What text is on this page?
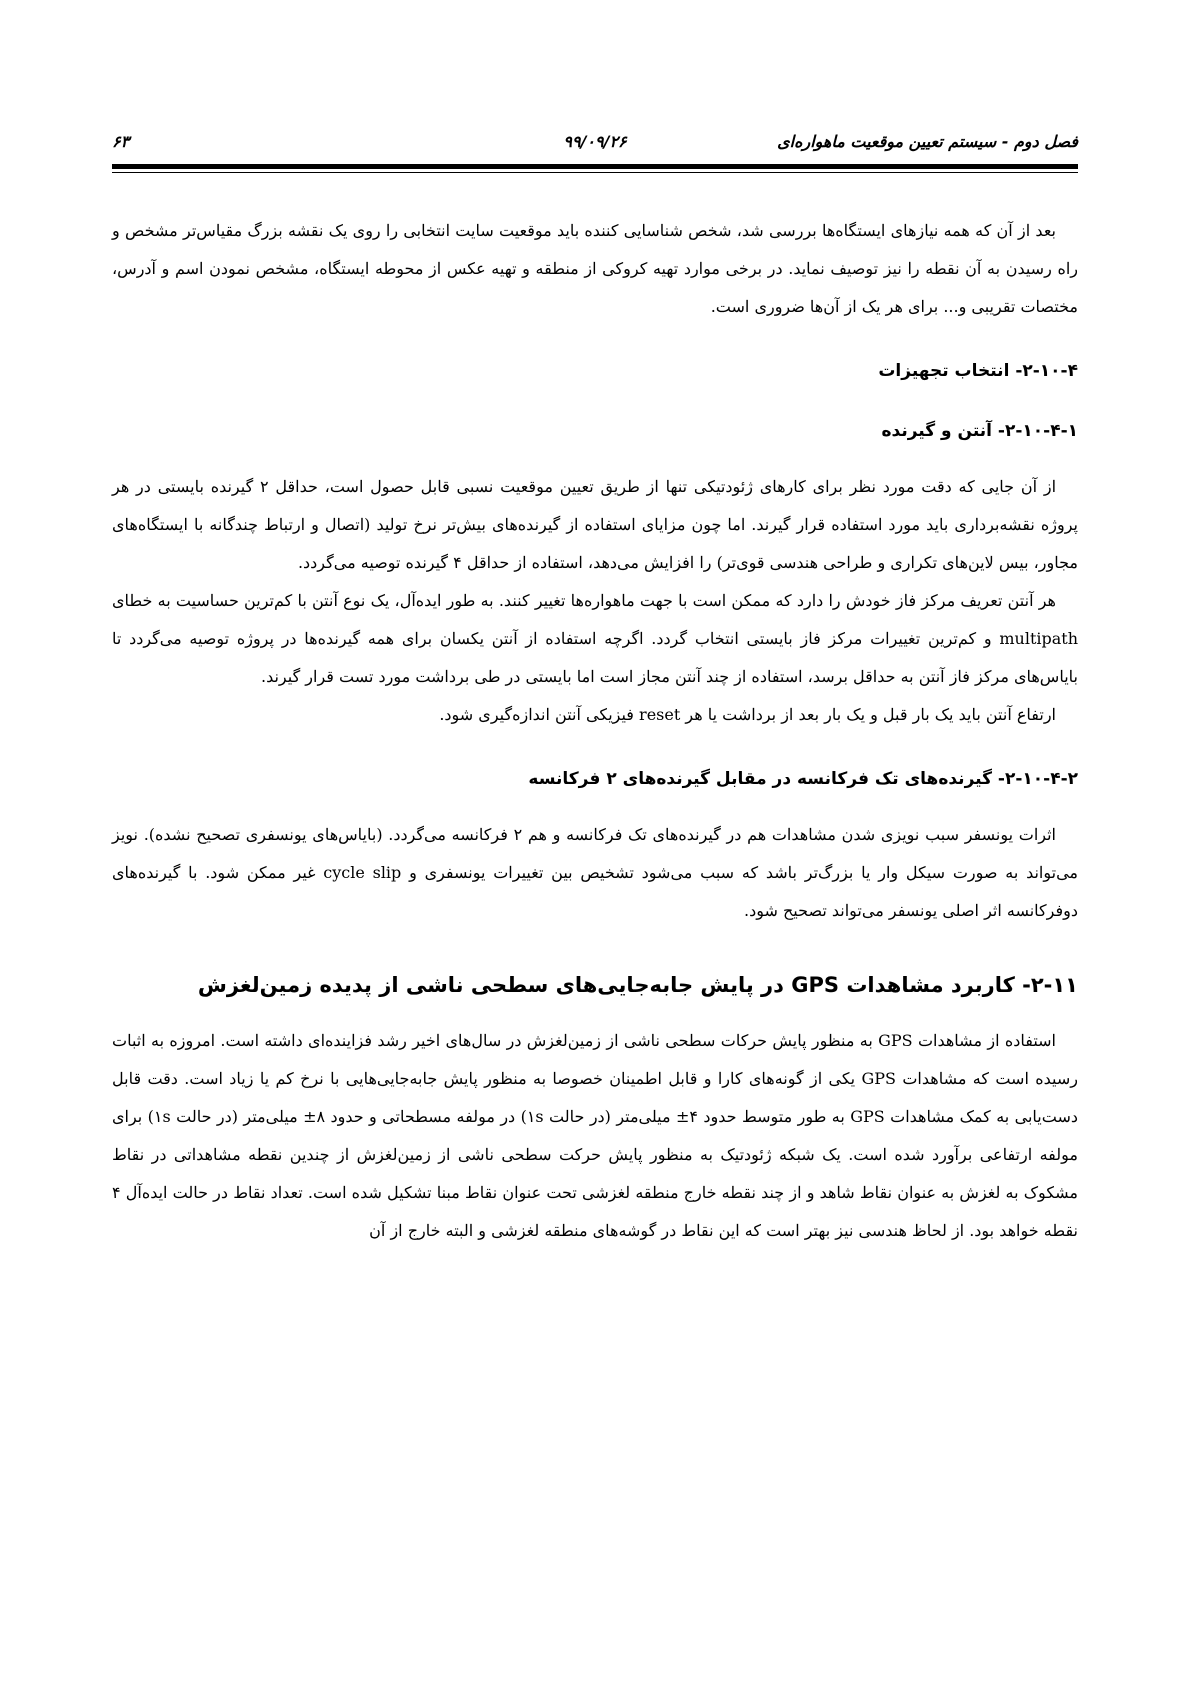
فصل دوم - سیستم تعیین موقعیت ماهواره‌ای
۹۹/۰۹/۲۶
۶۳

بعد از آن که همه نیازهای ایستگاه‌ها بررسی شد، شخص شناسایی کننده باید موقعیت سایت انتخابی را روی یک نقشه بزرگ مقیاس‌تر مشخص و راه رسیدن به آن نقطه را نیز توصیف نماید. در برخی موارد تهیه کروکی از منطقه و تهیه عکس از محوطه ایستگاه، مشخص نمودن اسم و آدرس، مختصات تقریبی و... برای هر یک از آن‌ها ضروری است.

۲-۱۰-۴- انتخاب تجهیزات
۲-۱۰-۴-۱- آنتن و گیرنده

از آن جایی که دقت مورد نظر برای کارهای ژئودتیکی تنها از طریق تعیین موقعیت نسبی قابل حصول است، حداقل ۲ گیرنده بایستی در هر پروژه نقشه‌برداری باید مورد استفاده قرار گیرند. اما چون مزایای استفاده از گیرنده‌های بیش‌تر نرخ تولید (اتصال و ارتباط چندگانه با ایستگاه‌های مجاور، بیس لاین‌های تکراری و طراحی هندسی قوی‌تر) را افزایش می‌دهد، استفاده از حداقل ۴ گیرنده توصیه می‌گردد.

هر آنتن تعریف مرکز فاز خودش را دارد که ممکن است با جهت ماهواره‌ها تغییر کنند. به طور ایده‌آل، یک نوع آنتن با کم‌ترین حساسیت به خطای multipath و کم‌ترین تغییرات مرکز فاز بایستی انتخاب گردد. اگرچه استفاده از آنتن یکسان برای همه گیرنده‌ها در پروژه توصیه می‌گردد تا بایاس‌های مرکز فاز آنتن به حداقل برسد، استفاده از چند آنتن مجاز است اما بایستی در طی برداشت مورد تست قرار گیرند.

ارتفاع آنتن باید یک بار قبل و یک بار بعد از برداشت یا هر reset فیزیکی آنتن اندازه‌گیری شود.

۲-۱۰-۴-۲- گیرنده‌های تک فرکانسه در مقابل گیرنده‌های ۲ فرکانسه

اثرات یونسفر سبب نویزی شدن مشاهدات هم در گیرنده‌های تک فرکانسه و هم ۲ فرکانسه می‌گردد. (بایاس‌های یونسفری تصحیح نشده). نویز می‌تواند به صورت سیکل وار یا بزرگ‌تر باشد که سبب می‌شود تشخیص بین تغییرات یونسفری و cycle slip غیر ممکن شود. با گیرنده‌های دوفرکانسه اثر اصلی یونسفر می‌تواند تصحیح شود.

۲-۱۱- کاربرد مشاهدات GPS در پایش جابه‌جایی‌های سطحی ناشی از پدیده زمین‌لغزش

استفاده از مشاهدات GPS به منظور پایش حرکات سطحی ناشی از زمین‌لغزش در سال‌های اخیر رشد فزاینده‌ای داشته است. امروزه به اثبات رسیده است که مشاهدات GPS یکی از گونه‌های کارا و قابل اطمینان خصوصا به منظور پایش جابه‌جایی‌هایی با نرخ کم یا زیاد است. دقت قابل دست‌یابی به کمک مشاهدات GPS به طور متوسط حدود ۴± میلی‌متر (در حالت ۱s) در مولفه مسطحاتی و حدود ۸± میلی‌متر (در حالت ۱s) برای مولفه ارتفاعی برآورد شده است. یک شبکه ژئودتیک به منظور پایش حرکت سطحی ناشی از زمین‌لغزش از چندین نقطه مشاهداتی در نقاط مشکوک به لغزش به عنوان نقاط شاهد و از چند نقطه خارج منطقه لغزشی تحت عنوان نقاط مبنا تشکیل شده است. تعداد نقاط در حالت ایده‌آل ۴ نقطه خواهد بود. از لحاظ هندسی نیز بهتر است که این نقاط در گوشه‌های منطقه لغزشی و البته خارج از آن
